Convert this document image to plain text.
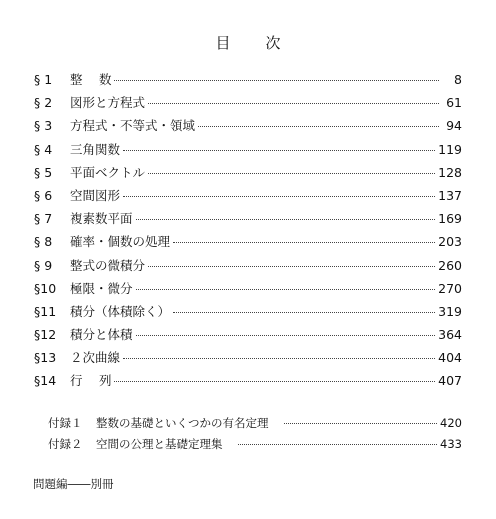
目　次
§ 1	整　 数	8
§ 2	図形と方程式	61
§ 3	方程式・不等式・領域	94
§ 4	三角関数	119
§ 5	平面ベクトル	128
§ 6	空間図形	137
§ 7	複素数平面	169
§ 8	確率・個数の処理	203
§ 9	整式の微積分	260
§10	極限・微分	270
§11	積分（体積除く）	319
§12	積分と体積	364
§13	２次曲線	404
§14	行　 列	407
付録１	整数の基礎といくつかの有名定理	420
付録２	空間の公理と基礎定理集	433
問題編――別冊
